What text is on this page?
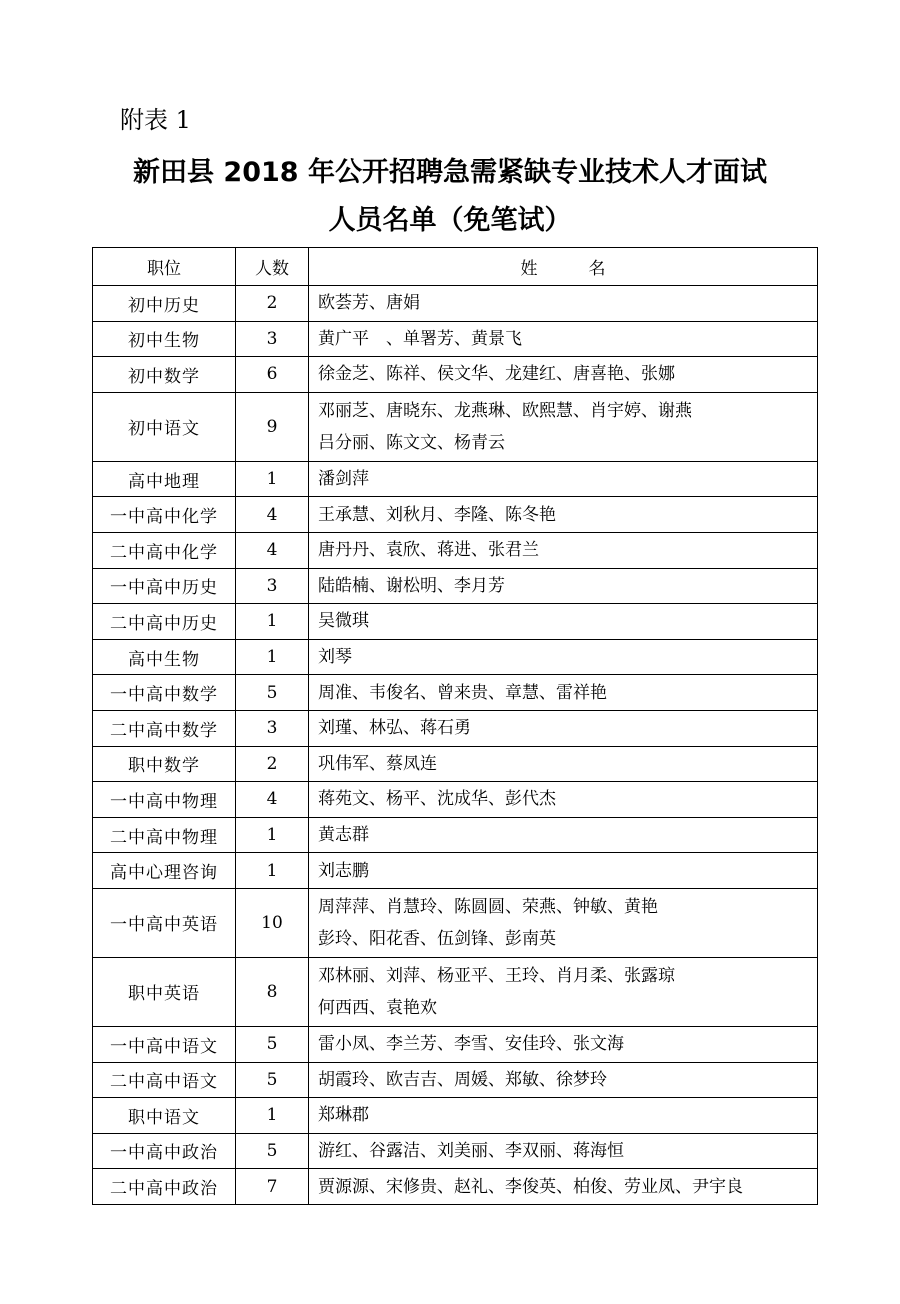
附表 1
新田县 2018 年公开招聘急需紧缺专业技术人才面试
人员名单（免笔试）
职位	人数	姓　　　名
初中历史	2	欧荟芳、唐娟

初中生物	3	黄广平　、单署芳、黄景飞

初中数学	6	徐金芝、陈祥、侯文华、龙建红、唐喜艳、张娜

初中语文	9	邓丽芝、唐晓东、龙燕琳、欧熙慧、肖宇婷、谢燕
吕分丽、陈文文、杨青云

高中地理	1	潘剑萍

一中高中化学	4	王承慧、刘秋月、李隆、陈冬艳

二中高中化学	4	唐丹丹、袁欣、蒋进、张君兰

一中高中历史	3	陆皓楠、谢松明、李月芳

二中高中历史	1	吴微琪

高中生物	1	刘琴

一中高中数学	5	周准、韦俊名、曾来贵、章慧、雷祥艳

二中高中数学	3	刘瑾、林弘、蒋石勇

职中数学	2	巩伟军、蔡凤连

一中高中物理	4	蒋苑文、杨平、沈成华、彭代杰

二中高中物理	1	黄志群

高中心理咨询	1	刘志鹏

一中高中英语	10	周萍萍、肖慧玲、陈圆圆、荣燕、钟敏、黄艳
彭玲、阳花香、伍剑锋、彭南英

职中英语	8	邓林丽、刘萍、杨亚平、王玲、肖月柔、张露琼
何西西、袁艳欢

一中高中语文	5	雷小凤、李兰芳、李雪、安佳玲、张文海

二中高中语文	5	胡霞玲、欧吉吉、周媛、郑敏、徐梦玲

职中语文	1	郑琳郡

一中高中政治	5	游红、谷露洁、刘美丽、李双丽、蒋海恒

二中高中政治	7	贾源源、宋修贵、赵礼、李俊英、柏俊、劳业凤、尹宇良
